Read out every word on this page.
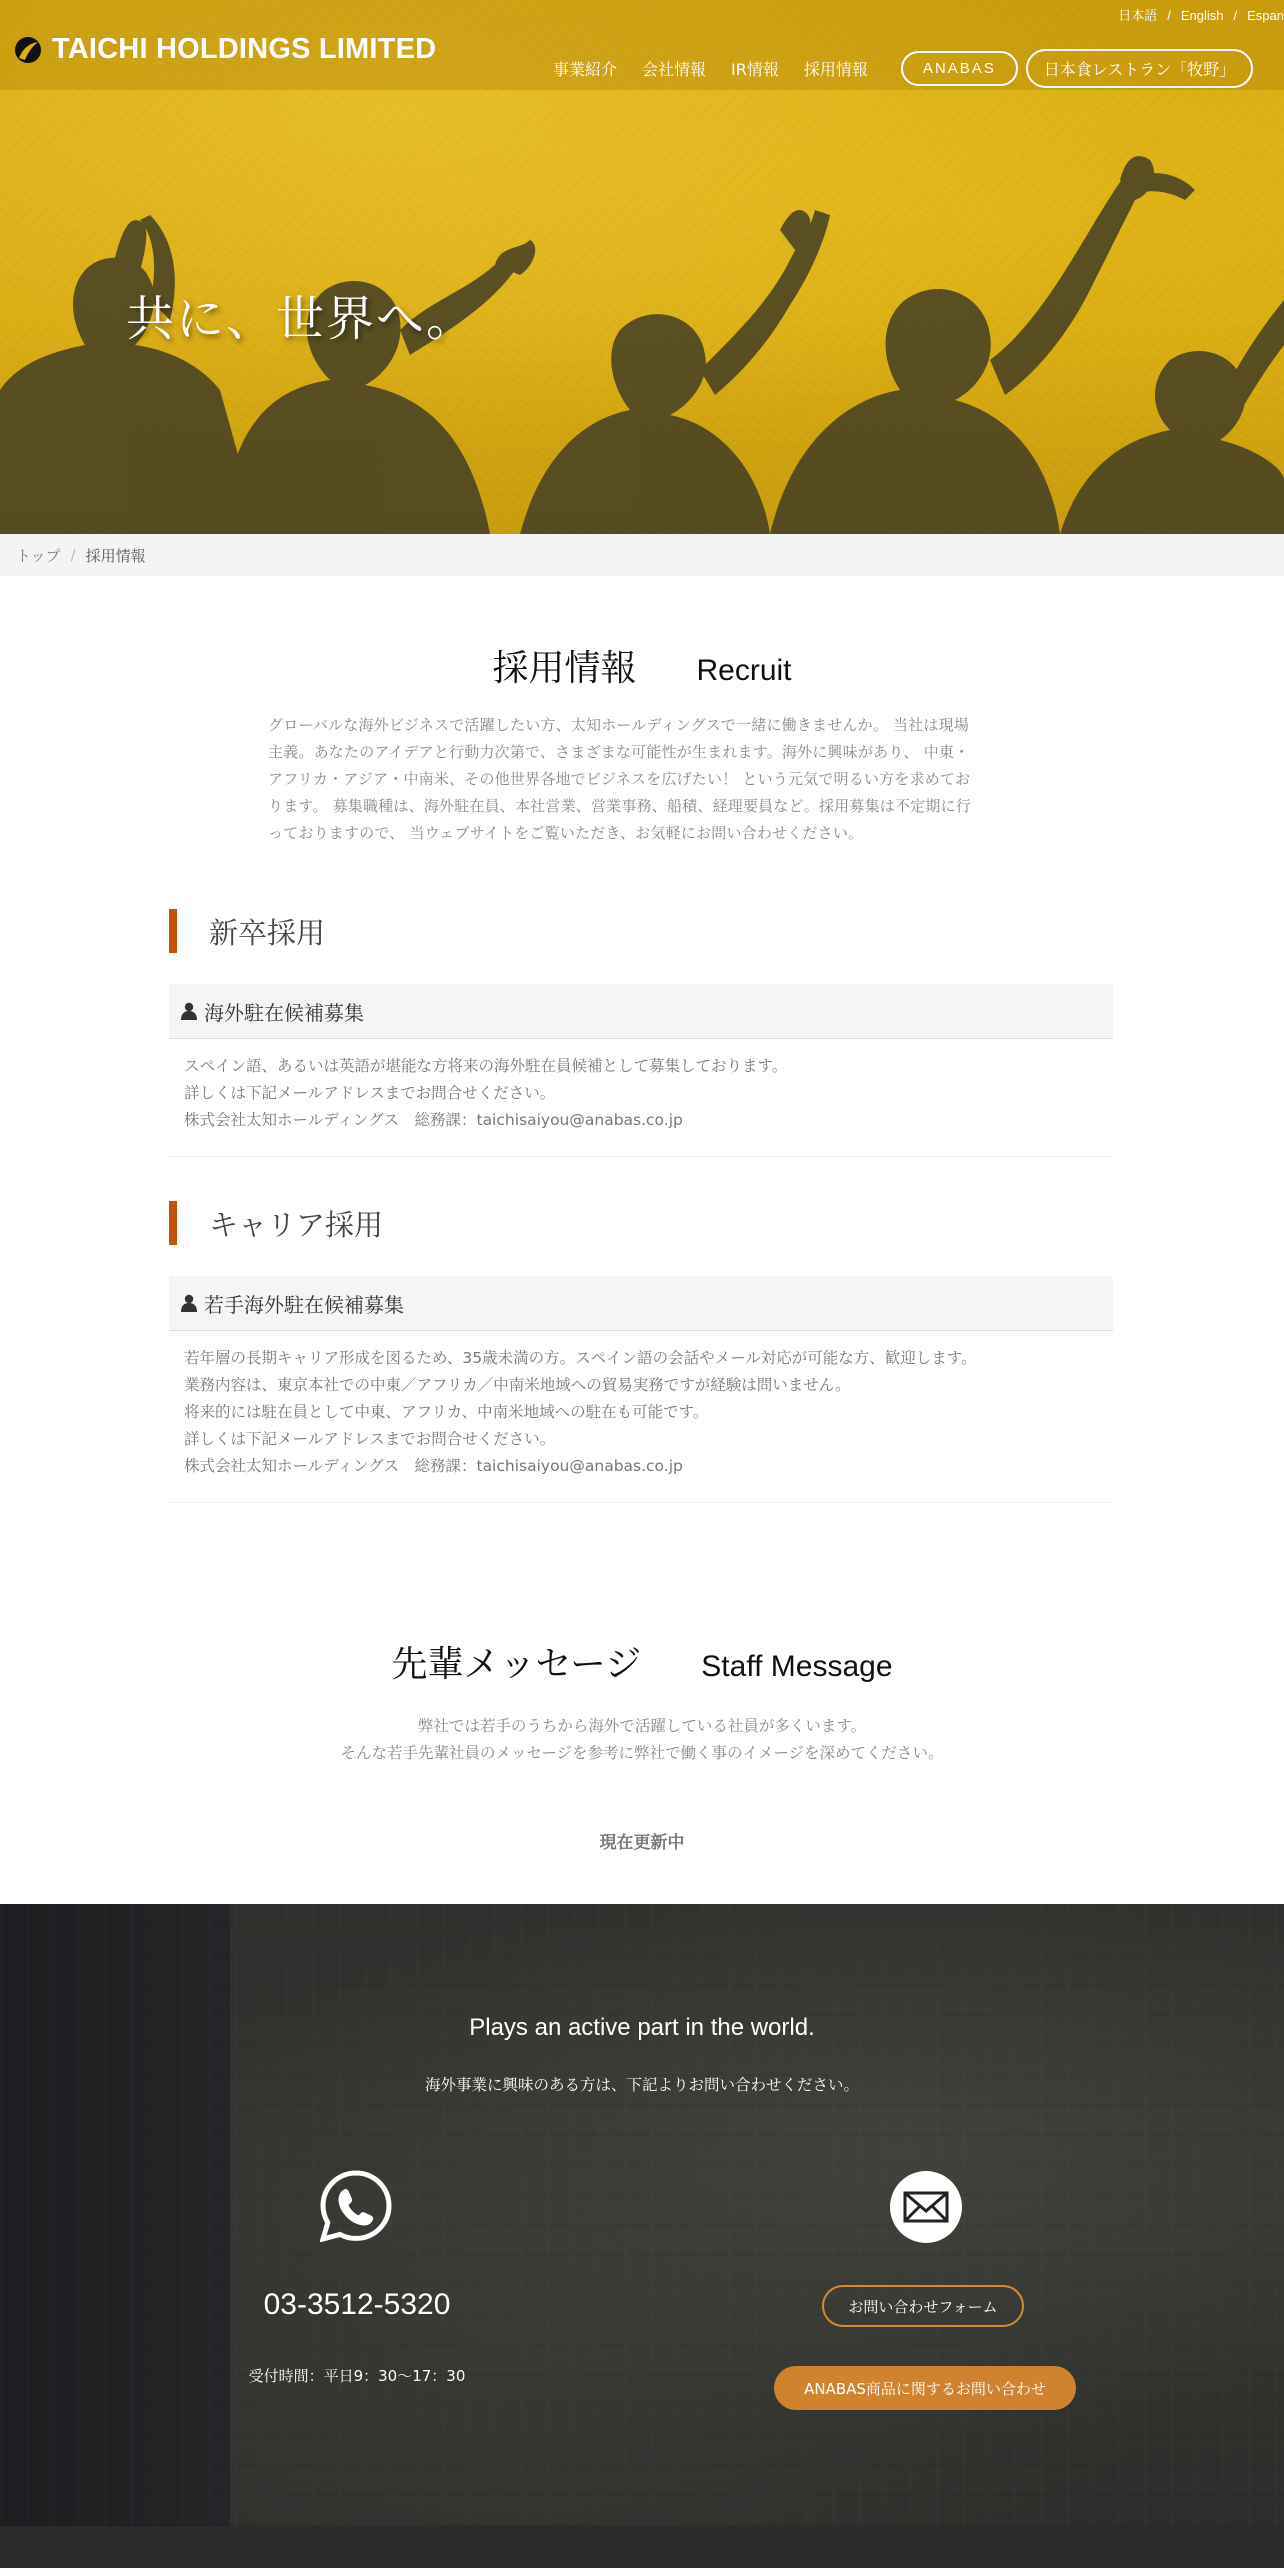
TAICHI HOLDINGS LIMITED
日本語 / English / Espan
事業紹介 会社情報 IR情報 採用情報	ANABAS	日本食レストラン「牧野」
共に、世界へ。
トップ / 採用情報
採用情報 Recruit
グローバルな海外ビジネスで活躍したい方、太知ホールディングスで一緒に働きませんか。 当社は現場
主義。あなたのアイデアと行動力次第で、さまざまな可能性が生まれます。海外に興味があり、 中東・
アフリカ・アジア・中南米、その他世界各地でビジネスを広げたい！ という元気で明るい方を求めてお
ります。 募集職種は、海外駐在員、本社営業、営業事務、船積、経理要員など。採用募集は不定期に行
っておりますので、 当ウェブサイトをご覧いただき、お気軽にお問い合わせください。
新卒採用
海外駐在候補募集
スペイン語、あるいは英語が堪能な方将来の海外駐在員候補として募集しております。
詳しくは下記メールアドレスまでお問合せください。
株式会社太知ホールディングス　総務課：taichisaiyou@anabas.co.jp
キャリア採用
若手海外駐在候補募集
若年層の長期キャリア形成を図るため、35歳未満の方。スペイン語の会話やメール対応が可能な方、歓迎します。
業務内容は、東京本社での中東／アフリカ／中南米地域への貿易実務ですが経験は問いません。
将来的には駐在員として中東、アフリカ、中南米地域への駐在も可能です。
詳しくは下記メールアドレスまでお問合せください。
株式会社太知ホールディングス　総務課：taichisaiyou@anabas.co.jp
先輩メッセージ Staff Message
弊社では若手のうちから海外で活躍している社員が多くいます。
そんな若手先輩社員のメッセージを参考に弊社で働く事のイメージを深めてください。
現在更新中
Plays an active part in the world.
海外事業に興味のある方は、下記よりお問い合わせください。
03-3512-5320
受付時間：平日9：30～17：30
お問い合わせフォーム
ANABAS商品に関するお問い合わせ
